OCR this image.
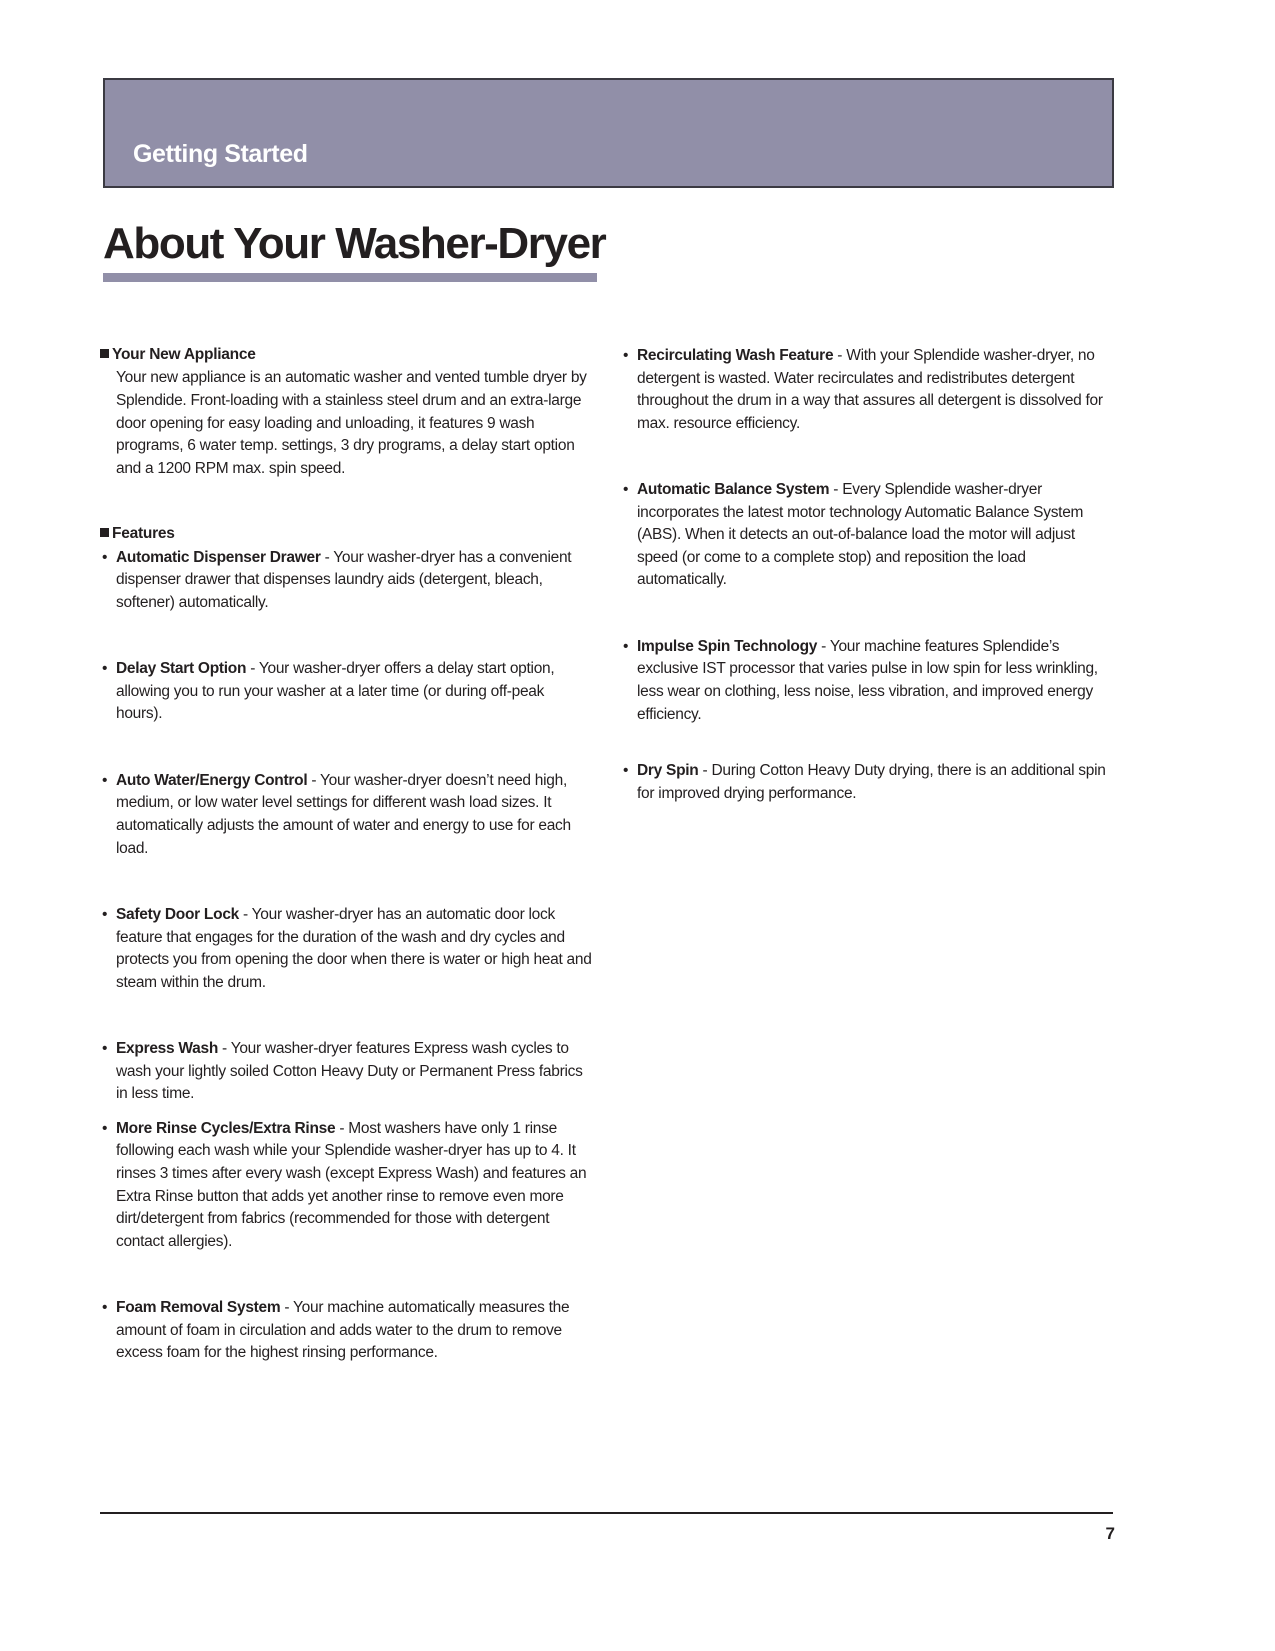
Getting Started
About Your Washer-Dryer
Your New Appliance

Your new appliance is an automatic washer and vented tumble dryer by Splendide. Front-loading with a stainless steel drum and an extra-large door opening for easy loading and unloading, it features 9 wash programs, 6 water temp. settings, 3 dry programs, a delay start option and a 1200 RPM max. spin speed.

Features

• Automatic Dispenser Drawer - Your washer-dryer has a convenient dispenser drawer that dispenses laundry aids (detergent, bleach, softener) automatically.

• Delay Start Option - Your washer-dryer offers a delay start option, allowing you to run your washer at a later time (or during off-peak hours).

• Auto Water/Energy Control - Your washer-dryer doesn’t need high, medium, or low water level settings for different wash load sizes. It automatically adjusts the amount of water and energy to use for each load.

• Safety Door Lock - Your washer-dryer has an automatic door lock feature that engages for the duration of the wash and dry cycles and protects you from opening the door when there is water or high heat and steam within the drum.

• Express Wash - Your washer-dryer features Express wash cycles to wash your lightly soiled Cotton Heavy Duty or Permanent Press fabrics in less time.

• More Rinse Cycles/Extra Rinse - Most washers have only 1 rinse following each wash while your Splendide washer-dryer has up to 4. It rinses 3 times after every wash (except Express Wash) and features an Extra Rinse button that adds yet another rinse to remove even more dirt/detergent from fabrics (recommended for those with detergent contact allergies).

• Foam Removal System - Your machine automatically measures the amount of foam in circulation and adds water to the drum to remove excess foam for the highest rinsing performance.

• Recirculating Wash Feature - With your Splendide washer-dryer, no detergent is wasted. Water recirculates and redistributes detergent throughout the drum in a way that assures all detergent is dissolved for max. resource efficiency.

• Automatic Balance System - Every Splendide washer-dryer incorporates the latest motor technology Automatic Balance System (ABS). When it detects an out-of-balance load the motor will adjust speed (or come to a complete stop) and reposition the load automatically.

• Impulse Spin Technology - Your machine features Splendide’s exclusive IST processor that varies pulse in low spin for less wrinkling, less wear on clothing, less noise, less vibration, and improved energy efficiency.

• Dry Spin - During Cotton Heavy Duty drying, there is an additional spin for improved drying performance.

7
